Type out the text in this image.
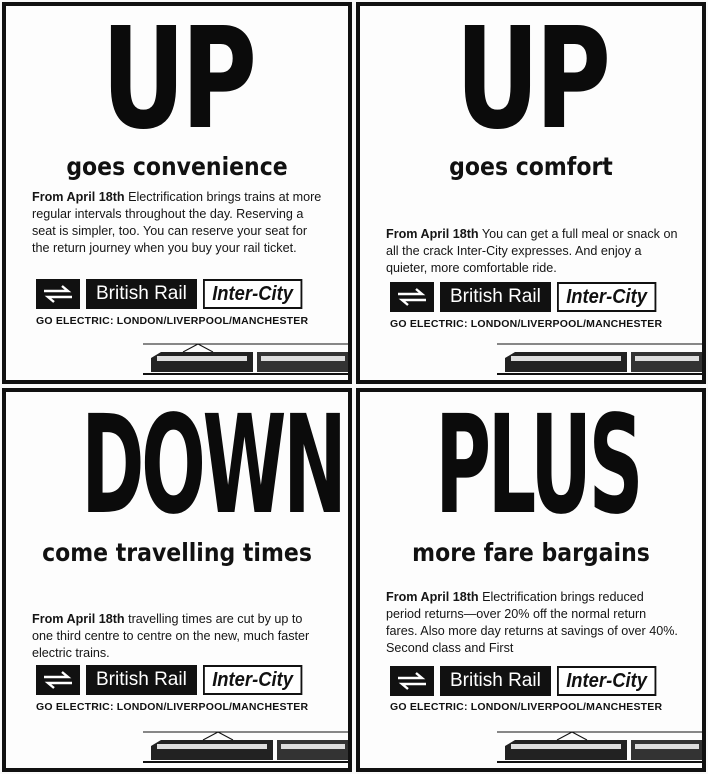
UP
goes convenience
From April 18th Electrification brings trains at more regular intervals throughout the day. Reserving a seat is simpler, too. You can reserve your seat for the return journey when you buy your rail ticket.
British Rail	Inter-City
GO ELECTRIC: LONDON/LIVERPOOL/MANCHESTER
UP
goes comfort
From April 18th You can get a full meal or snack on all the crack Inter-City expresses. And enjoy a quieter, more comfortable ride.
British Rail	Inter-City
GO ELECTRIC: LONDON/LIVERPOOL/MANCHESTER
DOWN
come travelling times
From April 18th travelling times are cut by up to one third centre to centre on the new, much faster electric trains.
British Rail	Inter-City
GO ELECTRIC: LONDON/LIVERPOOL/MANCHESTER
PLUS
more fare bargains
From April 18th Electrification brings reduced period returns—over 20% off the normal return fares. Also more day returns at savings of over 40%. Second class and First
British Rail	Inter-City
GO ELECTRIC: LONDON/LIVERPOOL/MANCHESTER
